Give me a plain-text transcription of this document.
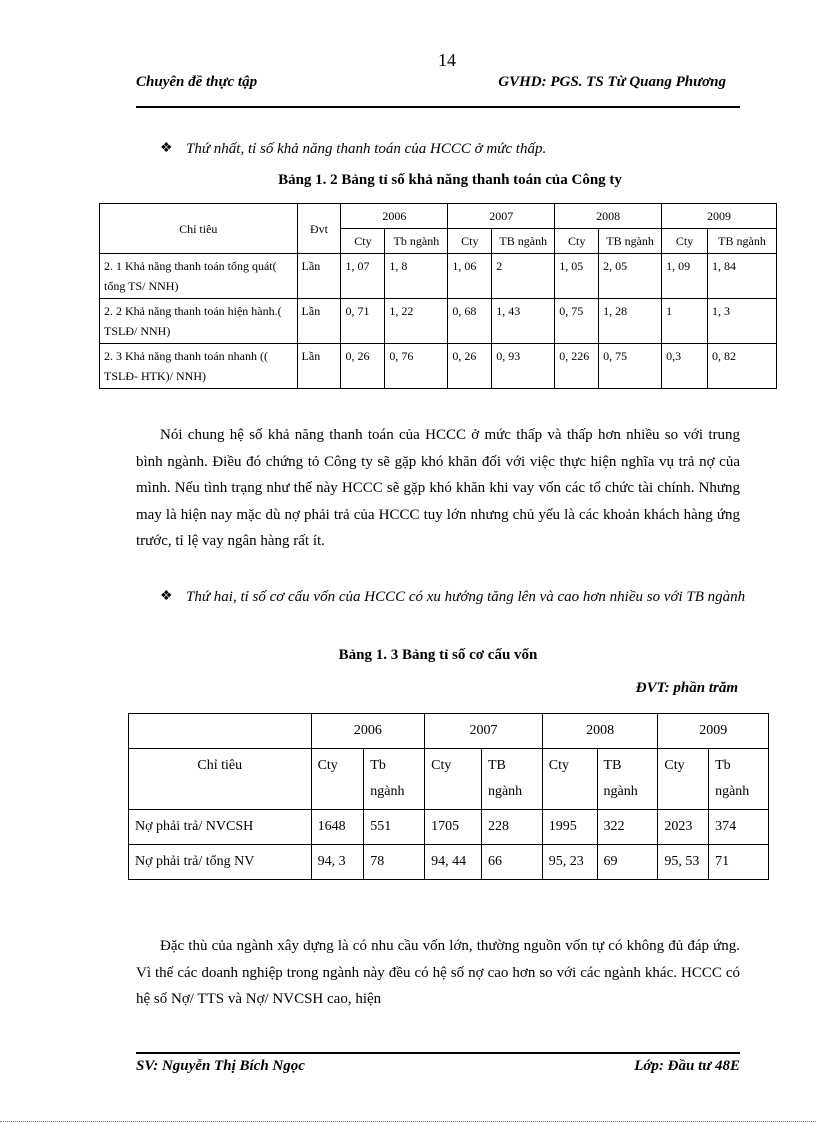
14
Chuyên đề thực tập	GVHD: PGS. TS Từ Quang Phương
❖ Thứ nhất, tỉ số khả năng thanh toán của HCCC ở mức thấp.
Bảng 1. 2 Bảng tỉ số khả năng thanh toán của Công ty
Chỉ tiêu	Đvt	2006		2007		2008		2009	
		Cty	Tb ngành	Cty	TB ngành	Cty	TB ngành	Cty	TB ngành
2. 1 Khả năng thanh toán tổng quát( tổng TS/ NNH)	Lần	1, 07	1, 8	1, 06	2	1, 05	2, 05	1, 09	1, 84
2. 2 Khả năng thanh toán hiện hành.( TSLĐ/ NNH)	Lần	0, 71	1, 22	0, 68	1, 43	0, 75	1, 28	1	1, 3
2. 3 Khả năng thanh toán nhanh (( TSLĐ- HTK)/ NNH)	Lần	0, 26	0, 76	0, 26	0, 93	0, 226	0, 75	0,3	0, 82
Nói chung hệ số khả năng thanh toán của HCCC ở mức thấp và thấp hơn nhiều so với trung bình ngành. Điều đó chứng tỏ Công ty sẽ gặp khó khăn đối với việc thực hiện nghĩa vụ trả nợ của mình. Nếu tình trạng như thế này HCCC sẽ gặp khó khăn khi vay vốn các tổ chức tài chính. Nhưng may là hiện nay mặc dù nợ phải trả của HCCC tuy lớn nhưng chủ yếu là các khoản khách hàng ứng trước, tỉ lệ vay ngân hàng rất ít.
❖ Thứ hai, tỉ số cơ cấu vốn của HCCC có xu hướng tăng lên và cao hơn nhiều so với TB ngành
Bảng 1. 3 Bảng tỉ số cơ cấu vốn
ĐVT: phần trăm
	2006		2007		2008		2009	
Chỉ tiêu	Cty	Tb ngành	Cty	TB ngành	Cty	TB ngành	Cty	Tb ngành
Nợ phải trả/ NVCSH	1648	551	1705	228	1995	322	2023	374
Nợ phải trả/ tổng NV	94, 3	78	94, 44	66	95, 23	69	95, 53	71
Đặc thù của ngành xây dựng là có nhu cầu vốn lớn, thường nguồn vốn tự có không đủ đáp ứng. Vì thế các doanh nghiệp trong ngành này đều có hệ số nợ cao hơn so với các ngành khác. HCCC có hệ số Nợ/ TTS và Nợ/ NVCSH cao, hiện
SV: Nguyễn Thị Bích Ngọc	Lớp: Đầu tư 48E
